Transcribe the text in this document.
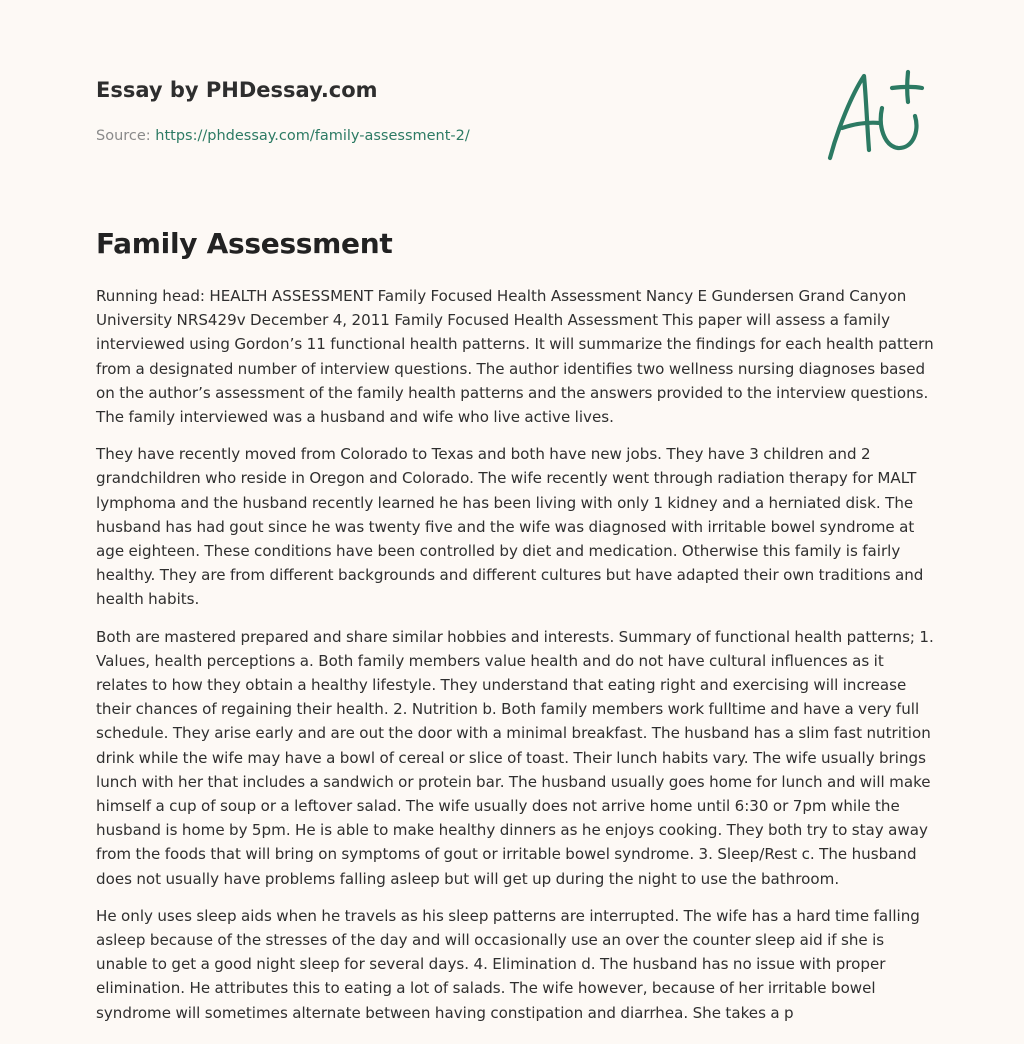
Essay by PHDessay.com
Source: https://phdessay.com/family-assessment-2/
Family Assessment

Running head: HEALTH ASSESSMENT Family Focused Health Assessment Nancy E Gundersen Grand Canyon University NRS429v December 4, 2011 Family Focused Health Assessment This paper will assess a family interviewed using Gordon’s 11 functional health patterns. It will summarize the findings for each health pattern from a designated number of interview questions. The author identifies two wellness nursing diagnoses based on the author’s assessment of the family health patterns and the answers provided to the interview questions. The family interviewed was a husband and wife who live active lives.

They have recently moved from Colorado to Texas and both have new jobs. They have 3 children and 2 grandchildren who reside in Oregon and Colorado. The wife recently went through radiation therapy for MALT lymphoma and the husband recently learned he has been living with only 1 kidney and a herniated disk. The husband has had gout since he was twenty five and the wife was diagnosed with irritable bowel syndrome at age eighteen. These conditions have been controlled by diet and medication. Otherwise this family is fairly healthy. They are from different backgrounds and different cultures but have adapted their own traditions and health habits.

Both are mastered prepared and share similar hobbies and interests. Summary of functional health patterns; 1. Values, health perceptions a. Both family members value health and do not have cultural influences as it relates to how they obtain a healthy lifestyle. They understand that eating right and exercising will increase their chances of regaining their health. 2. Nutrition b. Both family members work fulltime and have a very full schedule. They arise early and are out the door with a minimal breakfast. The husband has a slim fast nutrition drink while the wife may have a bowl of cereal or slice of toast. Their lunch habits vary. The wife usually brings lunch with her that includes a sandwich or protein bar. The husband usually goes home for lunch and will make himself a cup of soup or a leftover salad. The wife usually does not arrive home until 6:30 or 7pm while the husband is home by 5pm. He is able to make healthy dinners as he enjoys cooking. They both try to stay away from the foods that will bring on symptoms of gout or irritable bowel syndrome. 3. Sleep/Rest c. The husband does not usually have problems falling asleep but will get up during the night to use the bathroom.

He only uses sleep aids when he travels as his sleep patterns are interrupted. The wife has a hard time falling asleep because of the stresses of the day and will occasionally use an over the counter sleep aid if she is unable to get a good night sleep for several days. 4. Elimination d. The husband has no issue with proper elimination. He attributes this to eating a lot of salads. The wife however, because of her irritable bowel syndrome will sometimes alternate between having constipation and diarrhea. She takes a p
